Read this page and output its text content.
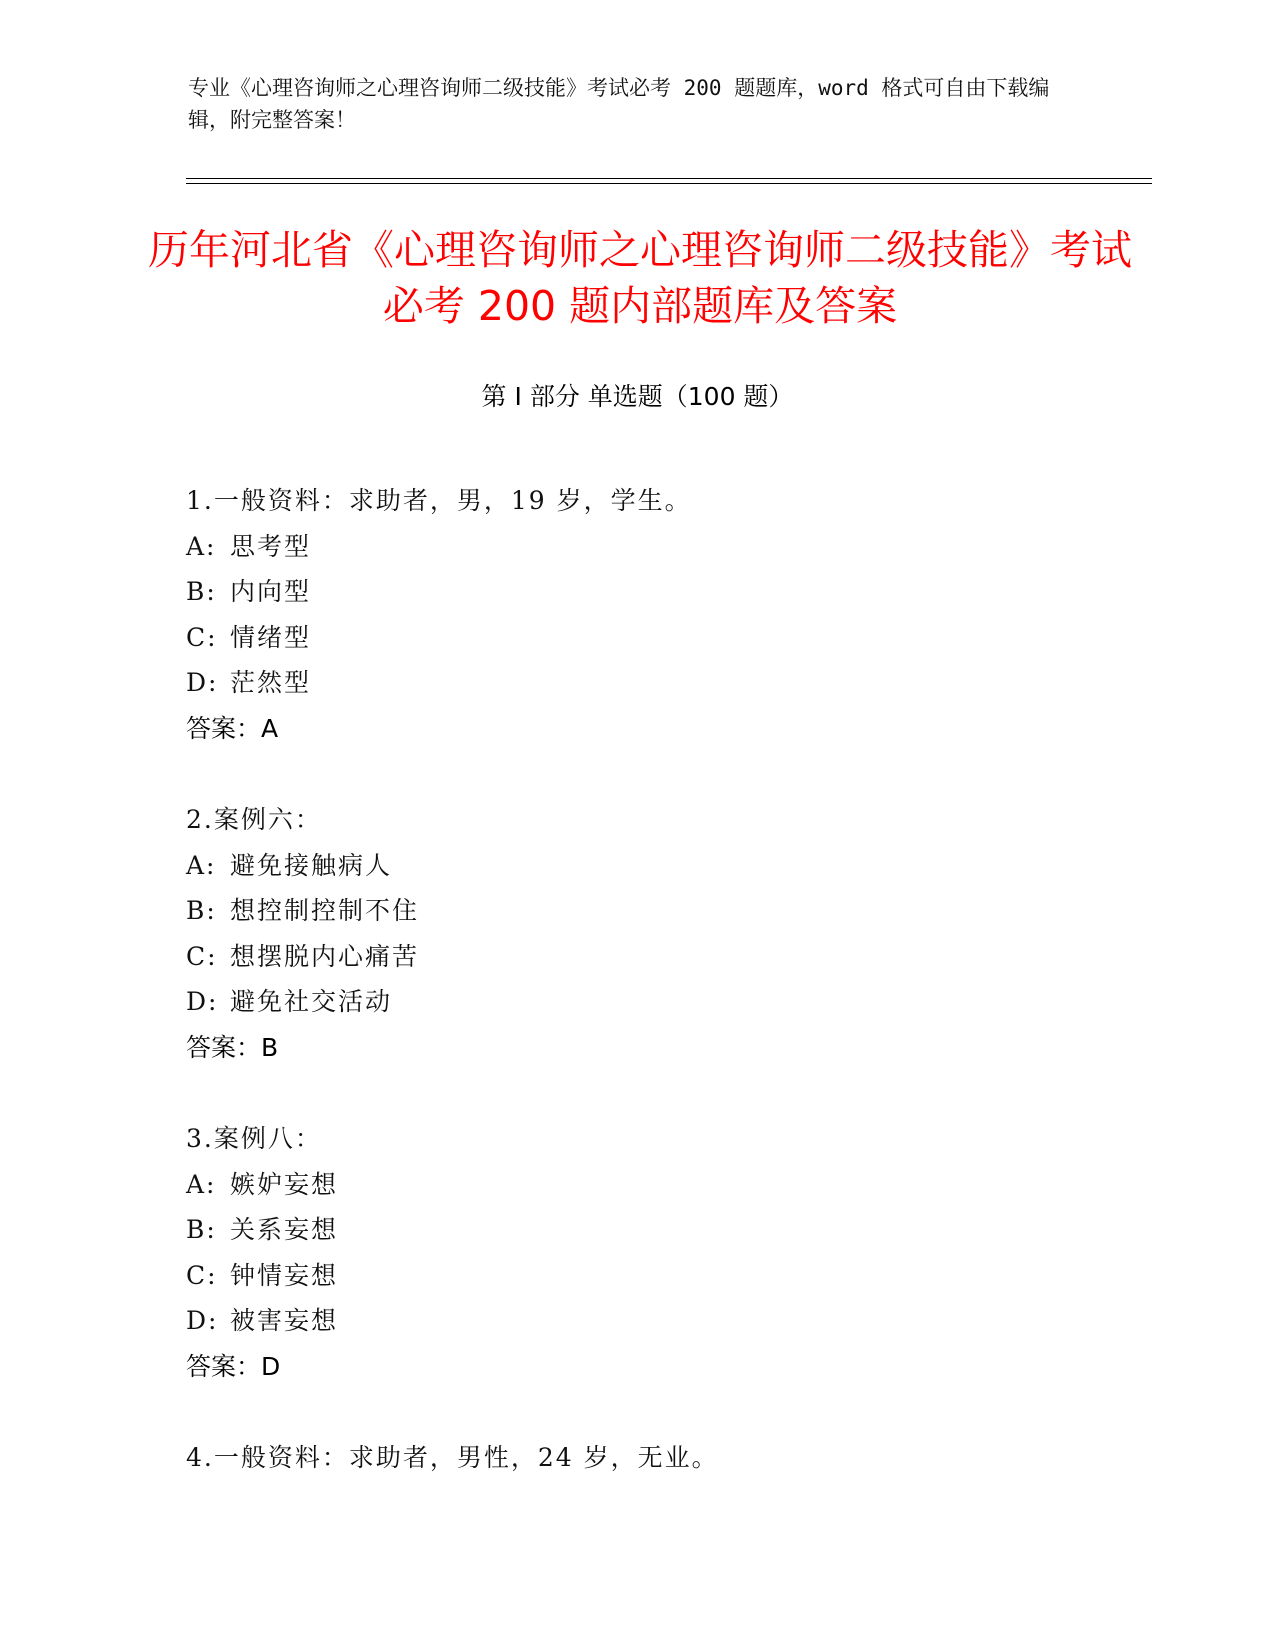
专业《心理咨询师之心理咨询师二级技能》考试必考 200 题题库，word 格式可自由下载编辑，附完整答案！
历年河北省《心理咨询师之心理咨询师二级技能》考试必考 200 题内部题库及答案
第 I 部分 单选题（100 题）
1.一般资料：求助者，男，19 岁，学生。
A: 思考型
B: 内向型
C: 情绪型
D: 茫然型
答案：A
2.案例六：
A: 避免接触病人
B: 想控制控制不住
C: 想摆脱内心痛苦
D: 避免社交活动
答案：B
3.案例八：
A: 嫉妒妄想
B: 关系妄想
C: 钟情妄想
D: 被害妄想
答案：D
4.一般资料：求助者，男性，24 岁，无业。
